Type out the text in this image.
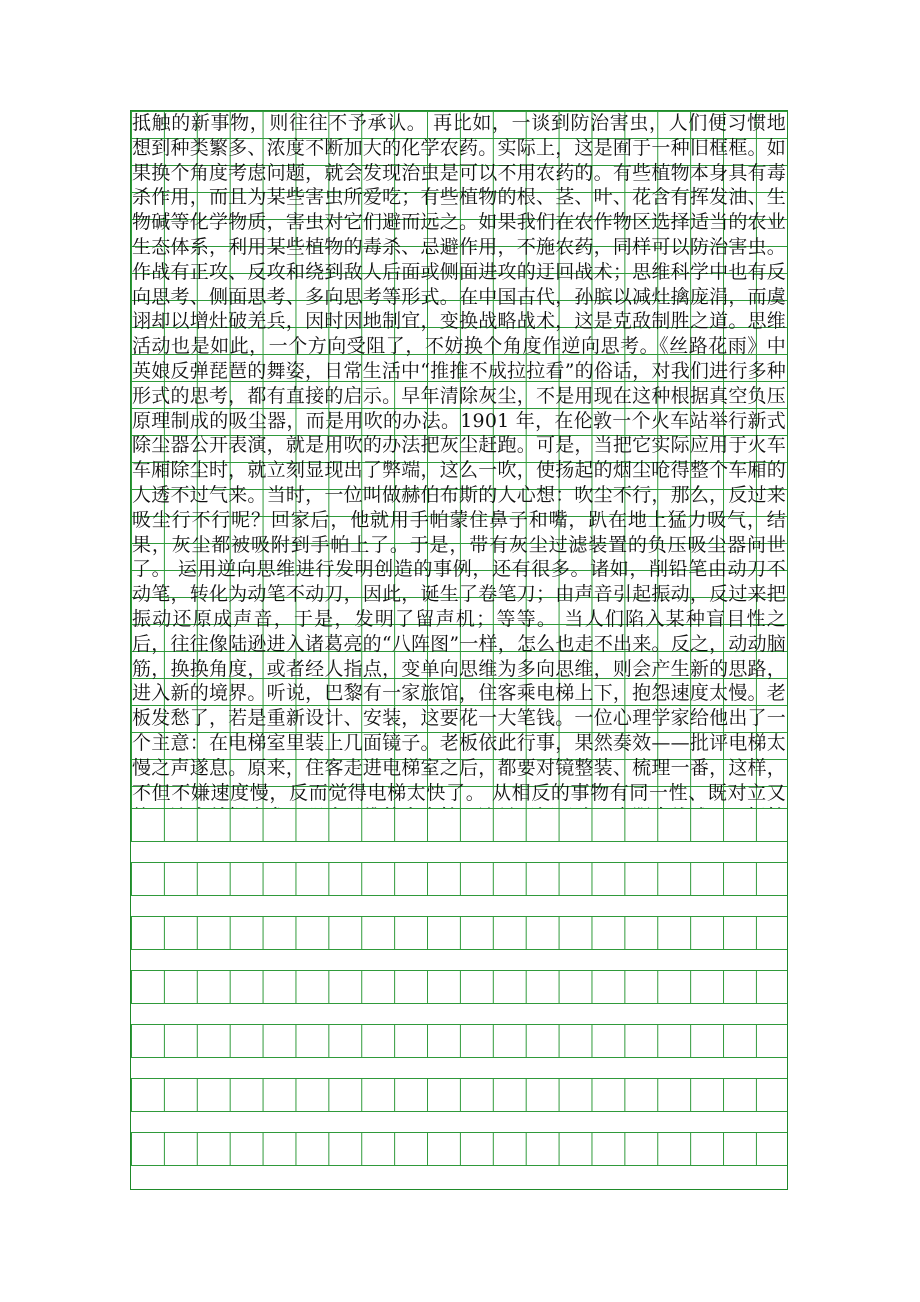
抵触的新事物，则往往不予承认。 再比如，一谈到防治害虫，人们便习惯地想到种类繁多、浓度不断加大的化学农药。实际上，这是囿于一种旧框框。如果换个角度考虑问题，就会发现治虫是可以不用农药的。有些植物本身具有毒杀作用，而且为某些害虫所爱吃；有些植物的根、茎、叶、花含有挥发油、生物碱等化学物质，害虫对它们避而远之。如果我们在农作物区选择适当的农业生态体系，利用某些植物的毒杀、忌避作用，不施农药，同样可以防治害虫。 作战有正攻、反攻和绕到敌人后面或侧面进攻的迂回战术；思维科学中也有反向思考、侧面思考、多向思考等形式。在中国古代，孙膑以减灶擒庞涓，而虞诩却以增灶破羌兵，因时因地制宜，变换战略战术，这是克敌制胜之道。思维活动也是如此，一个方向受阻了，不妨换个角度作逆向思考。《丝路花雨》中英娘反弹琵琶的舞姿，日常生活中“推推不成拉拉看”的俗话，对我们进行多种形式的思考，都有直接的启示。早年清除灰尘，不是用现在这种根据真空负压原理制成的吸尘器，而是用吹的办法。1901 年，在伦敦一个火车站举行新式除尘器公开表演，就是用吹的办法把灰尘赶跑。可是，当把它实际应用于火车车厢除尘时，就立刻显现出了弊端，这么一吹，使扬起的烟尘呛得整个车厢的人透不过气来。当时，一位叫做赫伯布斯的人心想：吹尘不行，那么，反过来吸尘行不行呢？回家后，他就用手帕蒙住鼻子和嘴，趴在地上猛力吸气，结果，灰尘都被吸附到手帕上了。于是，带有灰尘过滤装置的负压吸尘器问世了。 运用逆向思维进行发明创造的事例，还有很多。诸如，削铅笔由动刀不动笔，转化为动笔不动刀，因此，诞生了卷笔刀；由声音引起振动，反过来把振动还原成声音，于是，发明了留声机；等等。 当人们陷入某种盲目性之后，往往像陆逊进入诸葛亮的“八阵图”一样，怎么也走不出来。反之，动动脑筋，换换角度，或者经人指点，变单向思维为多向思维，则会产生新的思路，进入新的境界。听说，巴黎有一家旅馆，住客乘电梯上下，抱怨速度太慢。老板发愁了，若是重新设计、安装，这要花一大笔钱。一位心理学家给他出了一个主意：在电梯室里装上几面镜子。老板依此行事，果然奏效——批评电梯太慢之声遂息。原来，住客走进电梯室之后，都要对镜整装、梳理一番，这样，不但不嫌速度慢，反而觉得电梯太快了。 从相反的事物有同一性、既对立又
